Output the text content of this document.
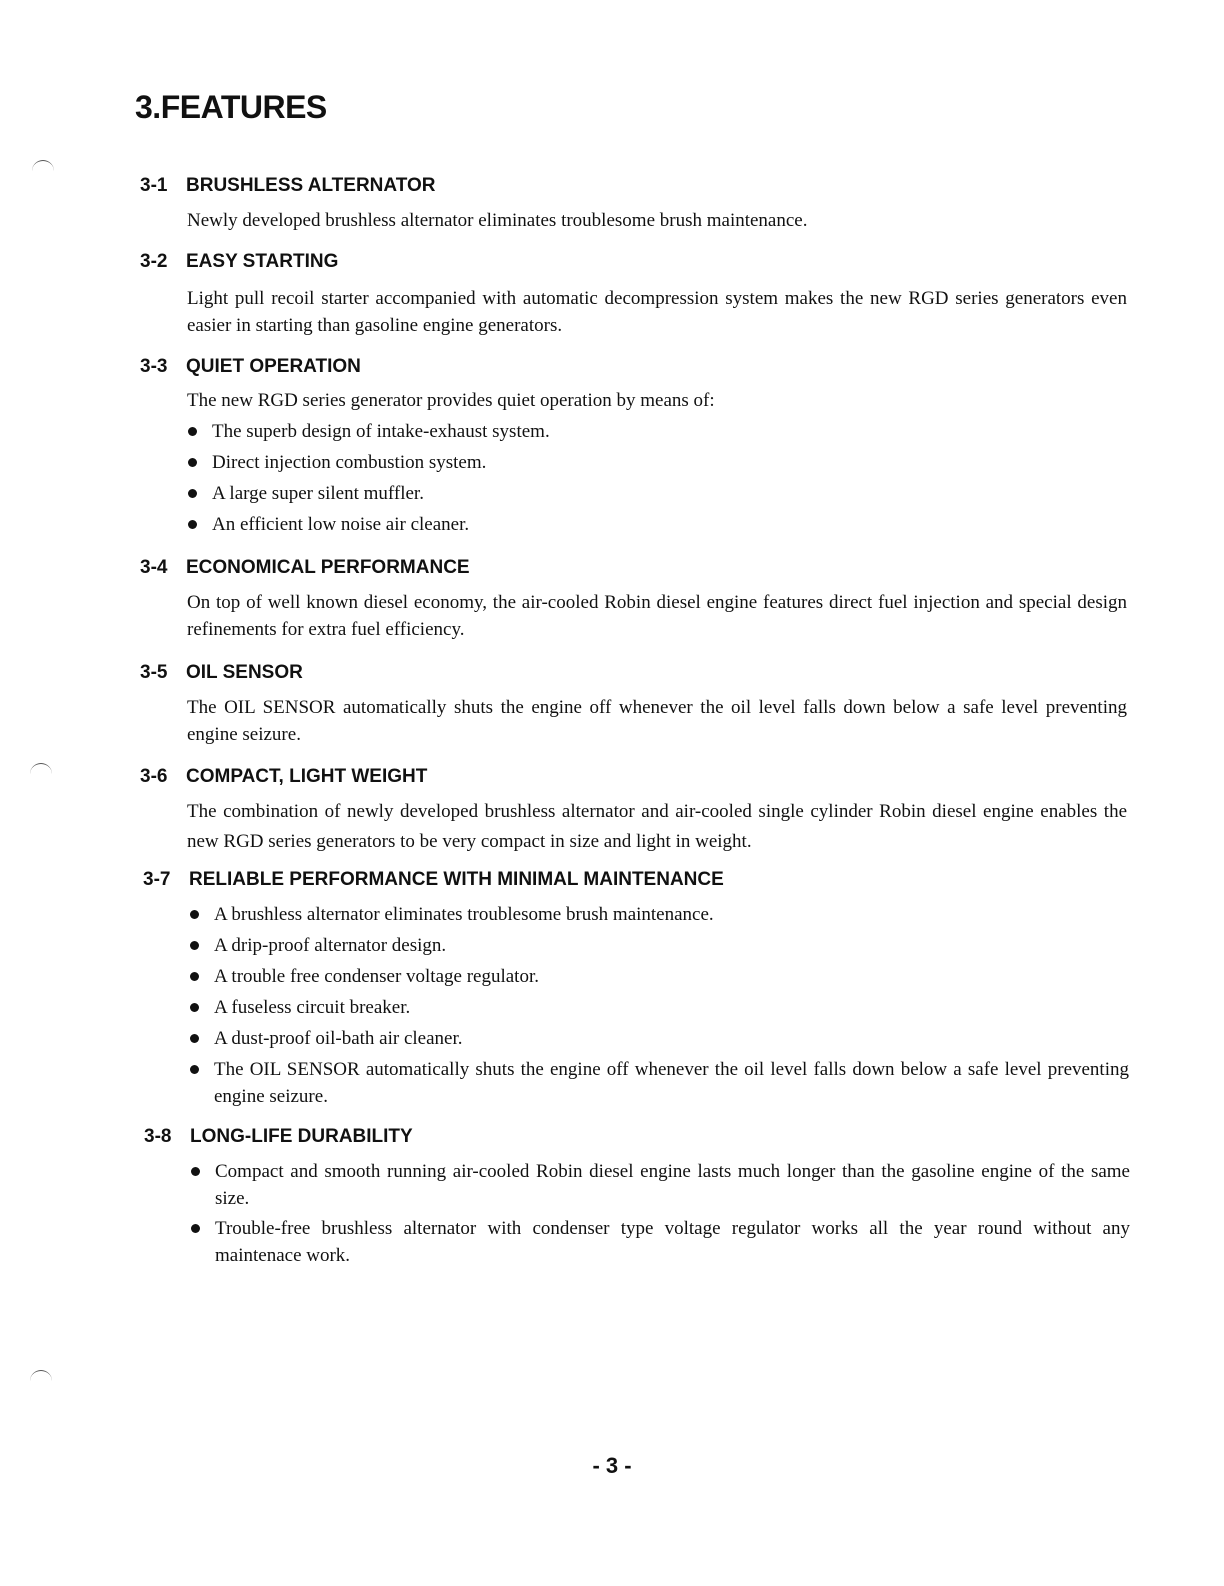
3.FEATURES
3-1 BRUSHLESS ALTERNATOR

Newly developed brushless alternator eliminates troublesome brush maintenance.

3-2 EASY STARTING

Light pull recoil starter accompanied with automatic decompression system makes the new RGD series generators even easier in starting than gasoline engine generators.

3-3 QUIET OPERATION

The new RGD series generator provides quiet operation by means of:

The superb design of intake-exhaust system.
Direct injection combustion system.
A large super silent muffler.
An efficient low noise air cleaner.
3-4 ECONOMICAL PERFORMANCE

On top of well known diesel economy, the air-cooled Robin diesel engine features direct fuel injection and special design refinements for extra fuel efficiency.

3-5 OIL SENSOR

The OIL SENSOR automatically shuts the engine off whenever the oil level falls down below a safe level preventing engine seizure.

3-6 COMPACT, LIGHT WEIGHT

The combination of newly developed brushless alternator and air-cooled single cylinder Robin diesel engine enables the new RGD series generators to be very compact in size and light in weight.

3-7 RELIABLE PERFORMANCE WITH MINIMAL MAINTENANCE
A brushless alternator eliminates troublesome brush maintenance.
A drip-proof alternator design.
A trouble free condenser voltage regulator.
A fuseless circuit breaker.
A dust-proof oil-bath air cleaner.
The OIL SENSOR automatically shuts the engine off whenever the oil level falls down below a safe level preventing engine seizure.
3-8 LONG-LIFE DURABILITY
Compact and smooth running air-cooled Robin diesel engine lasts much longer than the gasoline engine of the same size.
Trouble-free brushless alternator with condenser type voltage regulator works all the year round without any maintenace work.
- 3 -
